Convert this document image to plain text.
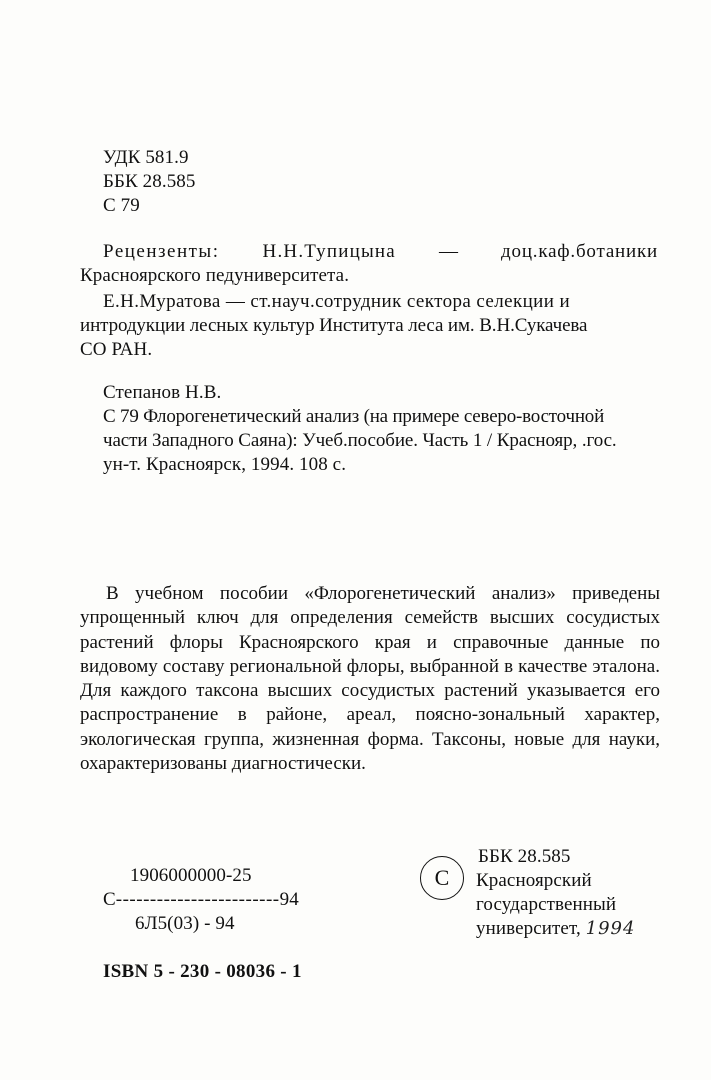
УДК 581.9
ББК 28.585
С 79
Рецензенты: Н.Н.Тупицына — доц.каф.ботаники
Красноярского педуниверситета.
Е.Н.Муратова — ст.науч.сотрудник сектора селекции и
интродукции лесных культур Института леса им. В.Н.Сукачева
СО РАН.
Степанов Н.В.
С 79 Флорогенетический анализ (на примере северо-восточной
части Западного Саяна): Учеб.пособие. Часть 1 / Краснояр, .гос.
ун-т. Красноярск, 1994. 108 с.
В учебном пособии «Флорогенетический анализ» приведены упрощенный ключ для определения семейств высших сосудистых растений флоры Красноярского края и справочные данные по видовому составу региональной флоры, выбранной в качестве эталона. Для каждого таксона высших сосудистых растений указывается его распространение в районе, ареал, поясно-зональный характер, экологическая группа, жизненная форма. Таксоны, новые для науки, охарактеризованы диагностически.
1906000000-25
С------------------------94
6Л5(03) - 94
C
ББК 28.585
Красноярский
государственный
университет, 1994
ISBN 5 - 230 - 08036 - 1
